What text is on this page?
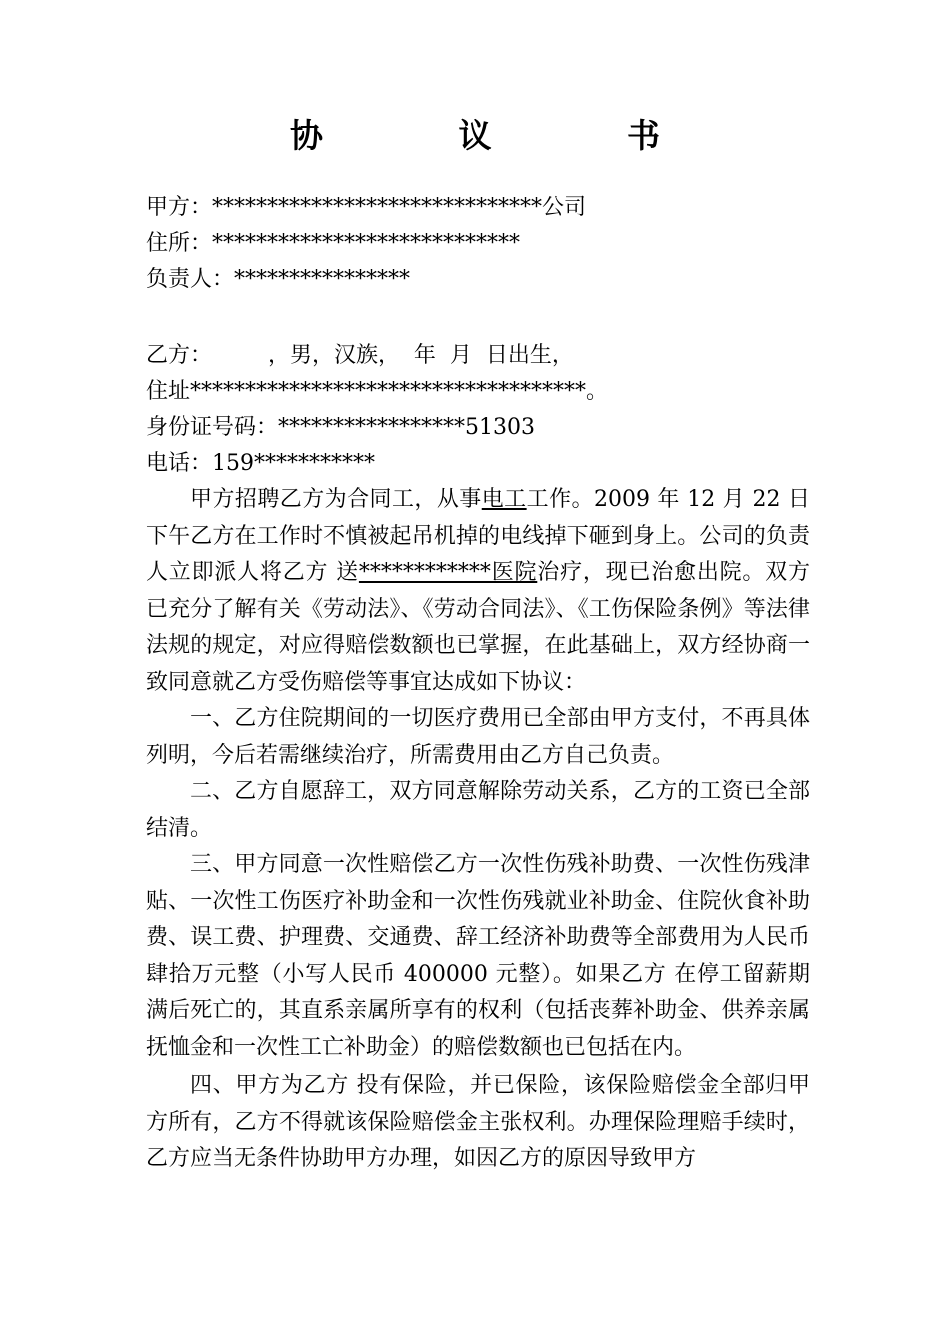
协 议 书
甲方：******************************公司
住所：****************************
负责人：****************
乙方：        ，男，汉族，  年  月  日出生，
住址************************************。
身份证号码：*****************51303
电话：159***********

甲方招聘乙方为合同工，从事电工工作。2009 年 12 月 22 日下午乙方在工作时不慎被起吊机掉的电线掉下砸到身上。公司的负责人立即派人将乙方 送************医院治疗，现已治愈出院。双方已充分了解有关《劳动法》、《劳动合同法》、《工伤保险条例》等法律法规的规定，对应得赔偿数额也已掌握，在此基础上，双方经协商一致同意就乙方受伤赔偿等事宜达成如下协议：

一、乙方住院期间的一切医疗费用已全部由甲方支付，不再具体列明，今后若需继续治疗，所需费用由乙方自己负责。

二、乙方自愿辞工，双方同意解除劳动关系，乙方的工资已全部结清。

三、甲方同意一次性赔偿乙方一次性伤残补助费、一次性伤残津贴、一次性工伤医疗补助金和一次性伤残就业补助金、住院伙食补助费、误工费、护理费、交通费、辞工经济补助费等全部费用为人民币肆拾万元整（小写人民币 400000 元整）。如果乙方 在停工留薪期满后死亡的，其直系亲属所享有的权利（包括丧葬补助金、供养亲属抚恤金和一次性工亡补助金）的赔偿数额也已包括在内。

四、甲方为乙方 投有保险，并已保险，该保险赔偿金全部归甲方所有，乙方不得就该保险赔偿金主张权利。办理保险理赔手续时，乙方应当无条件协助甲方办理，如因乙方的原因导致甲方
